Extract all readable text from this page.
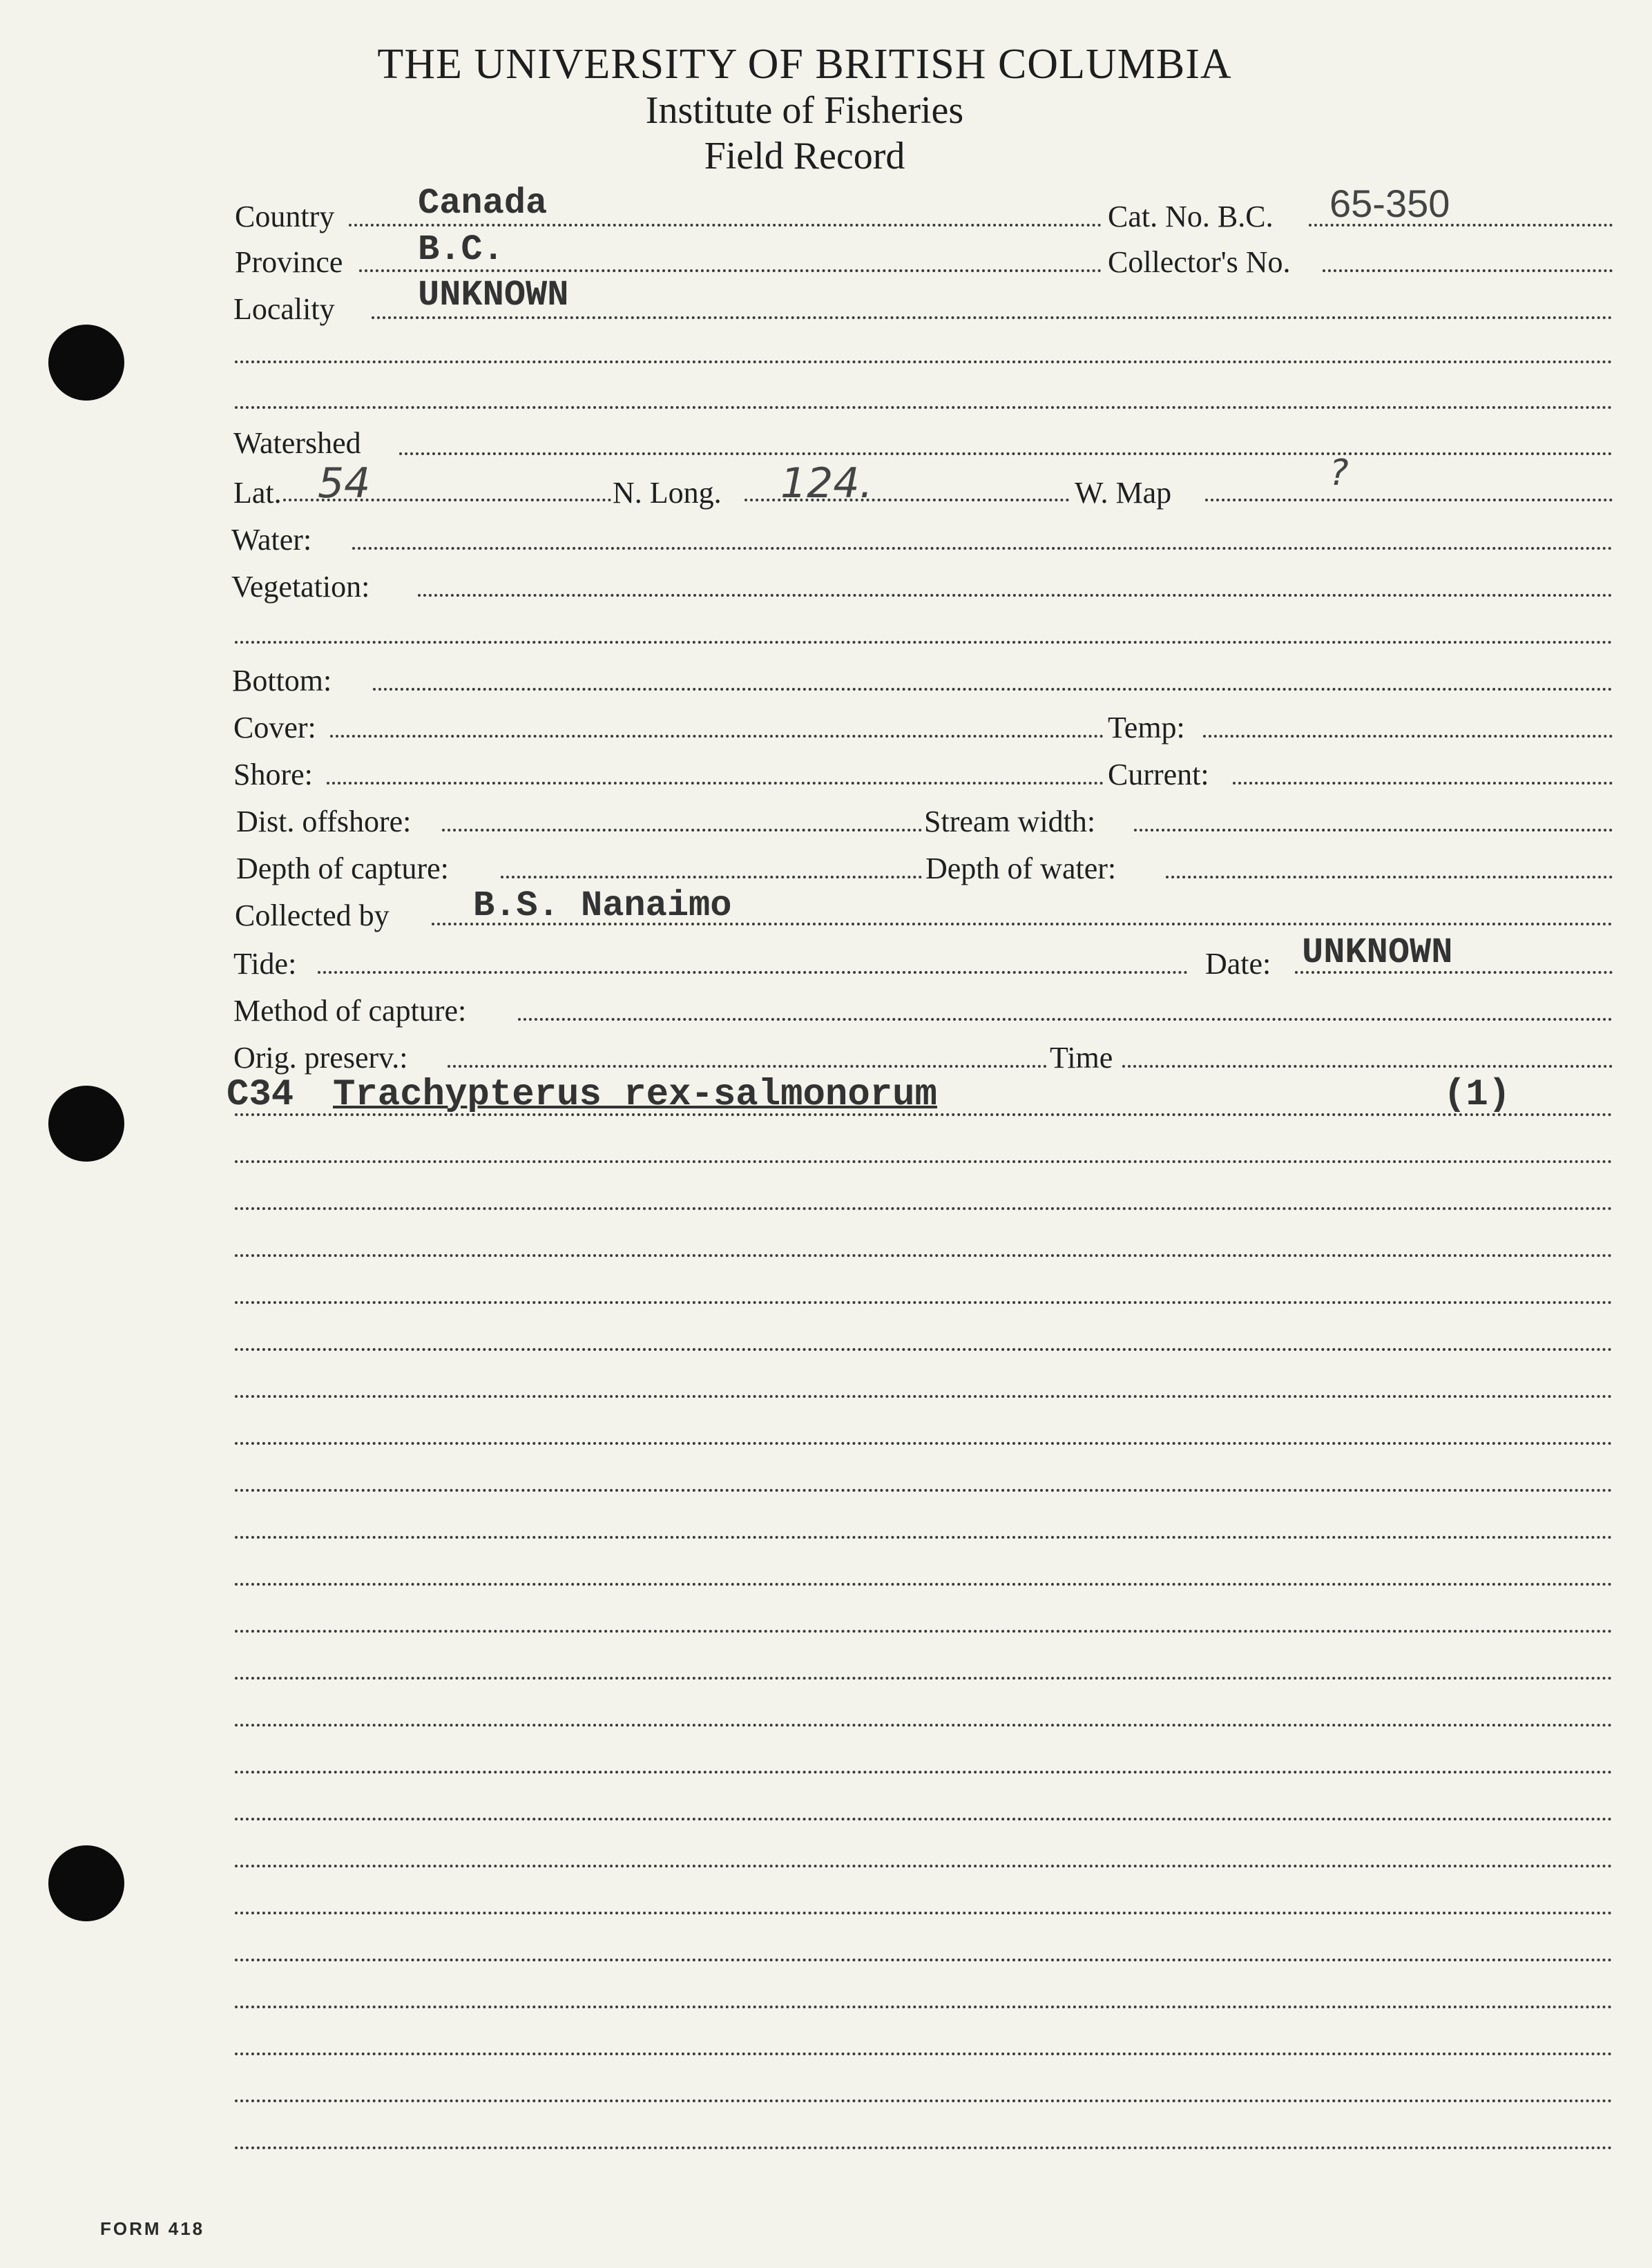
THE UNIVERSITY OF BRITISH COLUMBIA
Institute of Fisheries
Field Record
Country Canada	Cat. No. B.C. 65-350
Province B.C.	Collector's No.
Locality UNKNOWN
Watershed
Lat. 54	N. Long. 124.	W. Map	?
Water:
Vegetation:
Bottom:
Cover:	Temp:
Shore:	Current:
Dist. offshore:	Stream width:
Depth of capture:	Depth of water:
Collected by B.S. Nanaimo
Tide:	Date: UNKNOWN
Method of capture:
Orig. preserv.:	Time
C34 Trachypterus rex-salmonorum	(1)
FORM 418
